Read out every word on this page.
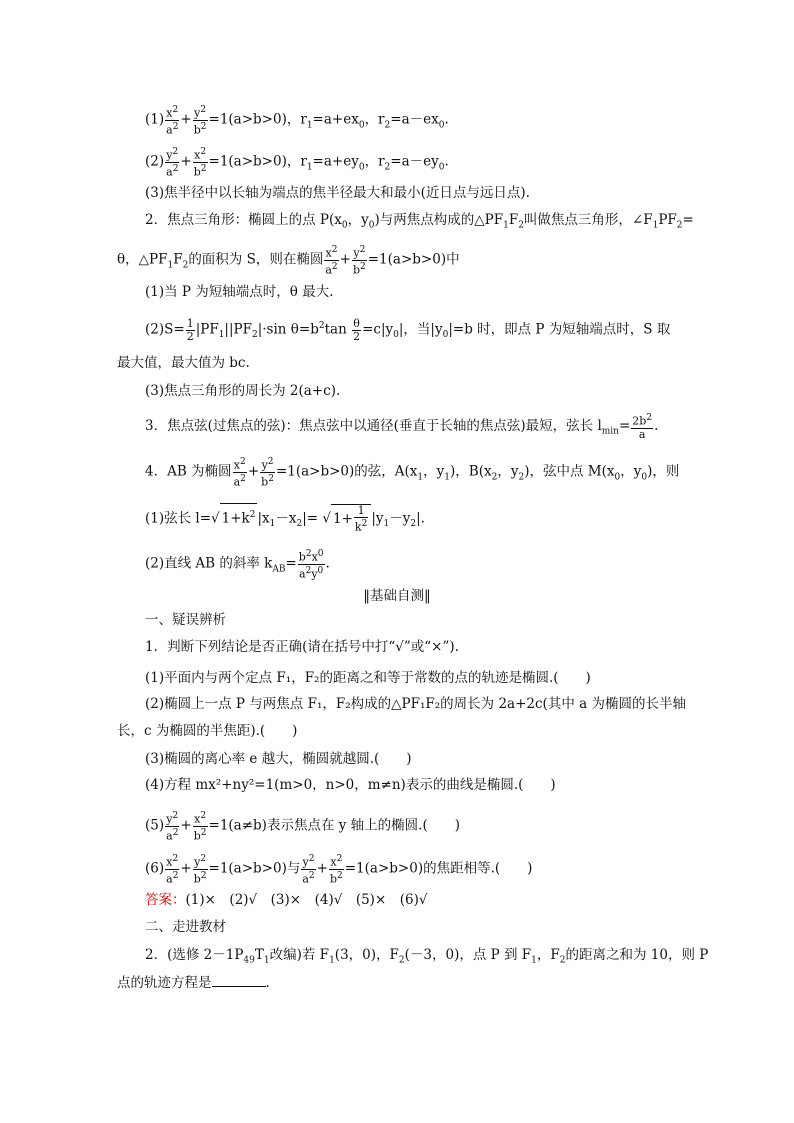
$(1) \frac{x^2}{a^2} + \frac{y^2}{b^2} =1(a>b>0)$，$r_1=a+ex_0$，$r_2=a-ex_0$.
$(2) \frac{y^2}{a^2} + \frac{x^2}{b^2} =1(a>b>0)$，$r_1=a+ey_0$，$r_2=a-ey_0$.
(3)焦半径中以长轴为端点的焦半径最大和最小(近日点与远日点).
2．焦点三角形：椭圆上的点 $P(x_0$，$y_0$)与两焦点构成的$\triangle PF_1F_2$叫做焦点三角形，$\angle F_1PF_2=$
θ，$\triangle PF_1F_2$的面积为 S，则在椭圆 $\frac{x^2}{a^2} + \frac{y^2}{b^2} =1(a>b>0)$中
(1)当 P 为短轴端点时，θ 最大.
$(2)S= \frac{1}{2} |PF_1||PF_2|\cdot\sin$ $\theta=b^2\tan \frac{\theta}{2} =c|y_0|$，当$|y_0|=b$ 时，即点 P 为短轴端点时，S 取
最大值，最大值为 bc.
(3)焦点三角形的周长为 2(a+c).
3．焦点弦(过焦点的弦)：焦点弦中以通径(垂直于长轴的焦点弦)最短，弦长 $l_{min}= \frac{2b^2}{a}$ .
4．AB 为椭圆 $\frac{x^2}{a^2} + \frac{y^2}{b^2} =1(a>b>0)$的弦，$A(x_1$，$y_1$)，$B(x_2$，$y_2$)，弦中点 $M(x_0$，$y_0$)，则
(1)弦长 l=√ $1+k^2$ $|x_1-x_2|=$ √ $1+ \frac{1}{k^2} |y_1-y_2|$.
(2)直线 AB 的斜率 $k_{AB}= \frac{b^2x^0}{a^2y^0}$ .
‖基础自测‖
一、疑误辨析
1．判断下列结论是否正确(请在括号中打“√”或“×”).
(1)平面内与两个定点 F₁，F₂的距离之和等于常数的点的轨迹是椭圆.(　　)
(2)椭圆上一点 P 与两焦点 F₁，F₂构成的△PF₁F₂的周长为 2a+2c(其中 a 为椭圆的长半轴
长，c 为椭圆的半焦距).(　　)
(3)椭圆的离心率 e 越大，椭圆就越圆.(　　)
(4)方程 mx²+ny²=1(m>0，n>0，m≠n)表示的曲线是椭圆.(　　)
$(5) \frac{y^2}{a^2} + \frac{x^2}{b^2} =1(a\ne b)$表示焦点在 y 轴上的椭圆.(　　)
$(6) \frac{x^2}{a^2} + \frac{y^2}{b^2} =1(a>b>0)$与 $\frac{y^2}{a^2} + \frac{x^2}{b^2} =1(a>b>0)$的焦距相等.(　　)
答案：(1)×　(2)√　(3)×　(4)√　(5)×　(6)√
二、走进教材
2．(选修 $2-1P_{49}T_1$改编)若 $F_1(3$，0)，$F_2(-3$，0)，点 P 到 $F_1$，$F_2$的距离之和为 10，则 P
点的轨迹方程是	.
